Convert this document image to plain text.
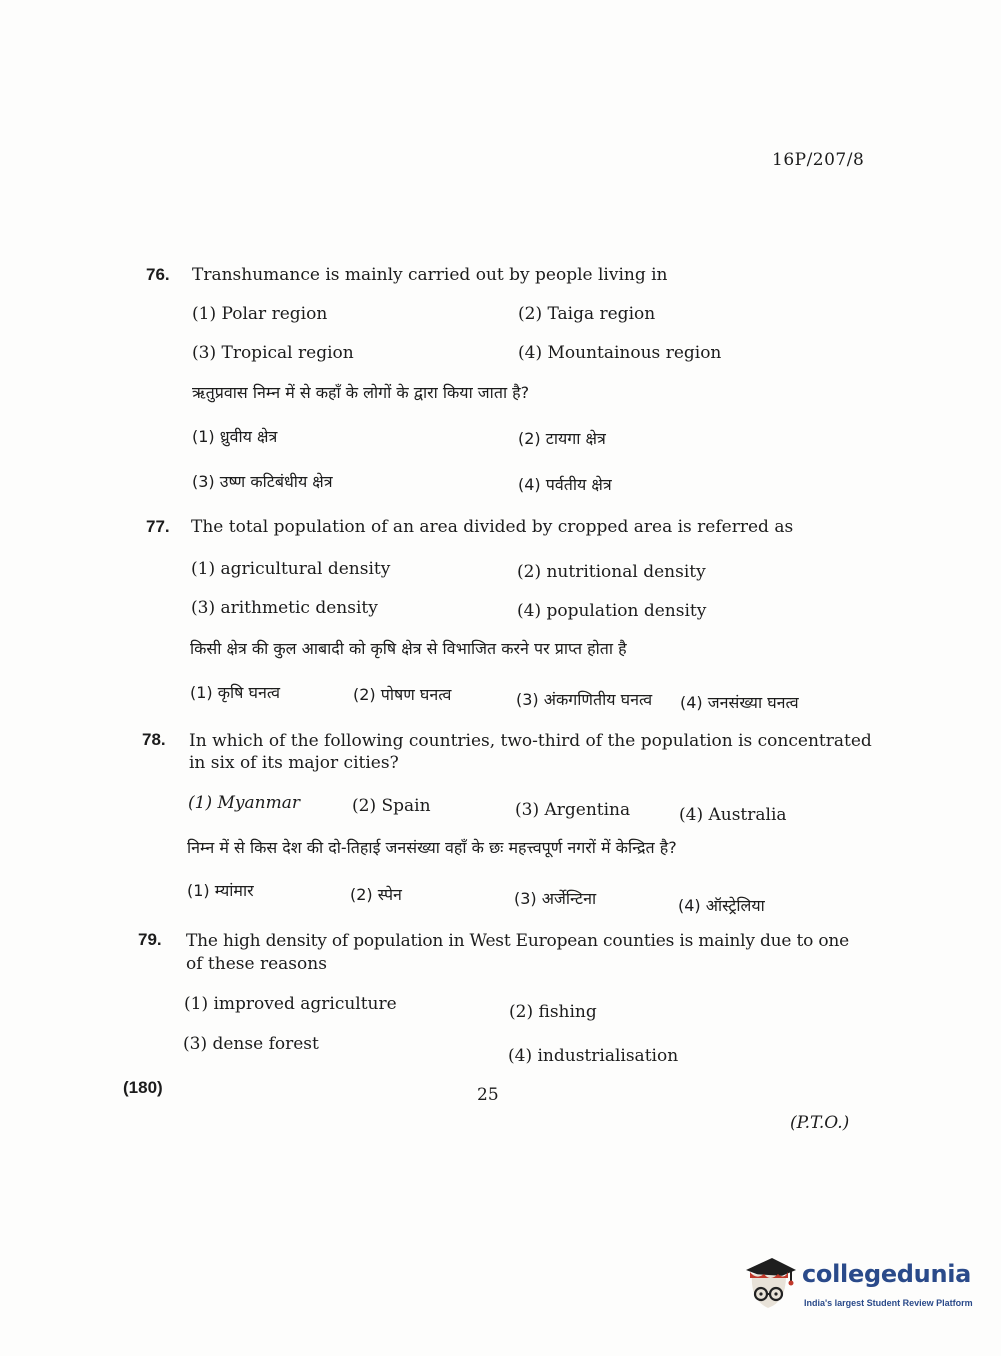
16P/207/8
76. Transhumance is mainly carried out by people living in
(1) Polar region	(2) Taiga region
(3) Tropical region	(4) Mountainous region
ऋतुप्रवास निम्न में से कहाँ के लोगों के द्वारा किया जाता है?
(1) ध्रुवीय क्षेत्र	(2) टायगा क्षेत्र
(3) उष्ण कटिबंधीय क्षेत्र	(4) पर्वतीय क्षेत्र
77. The total population of an area divided by cropped area is referred as
(1) agricultural density	(2) nutritional density
(3) arithmetic density	(4) population density
किसी क्षेत्र की कुल आबादी को कृषि क्षेत्र से विभाजित करने पर प्राप्त होता है
(1) कृषि घनत्व	(2) पोषण घनत्व	(3) अंकगणितीय घनत्व (4) जनसंख्या घनत्व
78. In which of the following countries, two-third of the population is concentrated
in six of its major cities?
(1) Myanmar	(2) Spain	(3) Argentina	(4) Australia
निम्न में से किस देश की दो-तिहाई जनसंख्या वहाँ के छः महत्त्वपूर्ण नगरों में केन्द्रित है?
(1) म्यांमार	(2) स्पेन	(3) अर्जेन्टिना	(4) ऑस्ट्रेलिया
79. The high density of population in West European counties is mainly due to one
of these reasons
(1) improved agriculture	(2) fishing
(3) dense forest
(4) industrialisation
(180)	25
(P.T.O.)
collegedunia
India's largest Student Review Platform
